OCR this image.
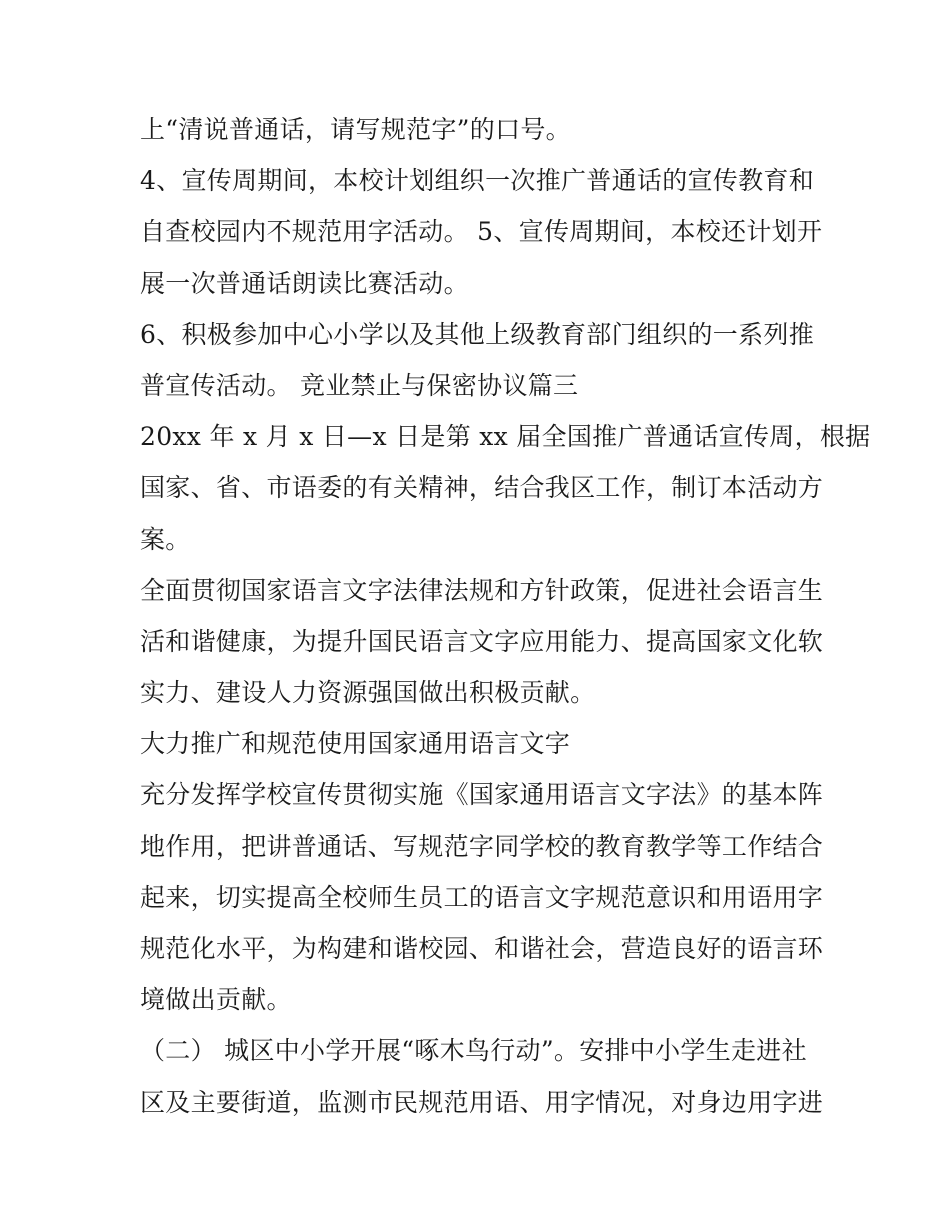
上“清说普通话，请写规范字”的口号。
4、宣传周期间，本校计划组织一次推广普通话的宣传教育和
自查校园内不规范用字活动。 5、宣传周期间，本校还计划开
展一次普通话朗读比赛活动。
6、积极参加中心小学以及其他上级教育部门组织的一系列推
普宣传活动。 竞业禁止与保密协议篇三
20xx 年 x 月 x 日—x 日是第 xx 届全国推广普通话宣传周，根据
国家、省、市语委的有关精神，结合我区工作，制订本活动方
案。
全面贯彻国家语言文字法律法规和方针政策，促进社会语言生
活和谐健康，为提升国民语言文字应用能力、提高国家文化软
实力、建设人力资源强国做出积极贡献。
大力推广和规范使用国家通用语言文字
充分发挥学校宣传贯彻实施《国家通用语言文字法》的基本阵
地作用，把讲普通话、写规范字同学校的教育教学等工作结合
起来，切实提高全校师生员工的语言文字规范意识和用语用字
规范化水平，为构建和谐校园、和谐社会，营造良好的语言环
境做出贡献。
（二） 城区中小学开展“啄木鸟行动”。安排中小学生走进社
区及主要街道，监测市民规范用语、用字情况，对身边用字进
